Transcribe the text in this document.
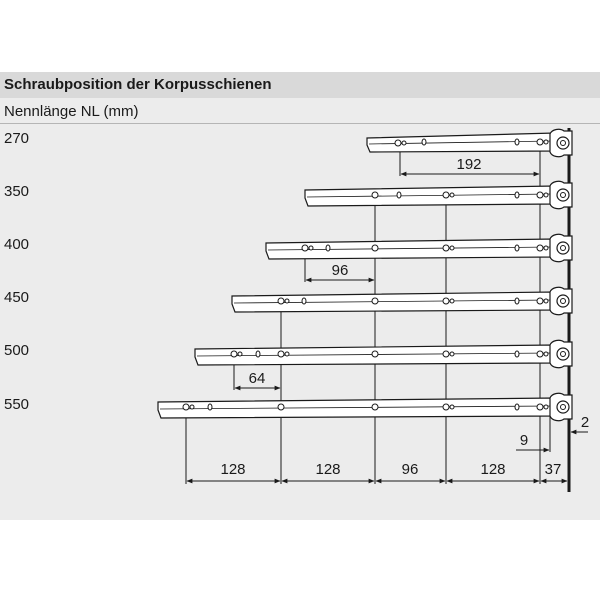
Schraubposition der Korpusschienen
Nennlänge NL (mm)
270
350
400
450
500
550
192
96
64
9
2
128	128	96	128	37
